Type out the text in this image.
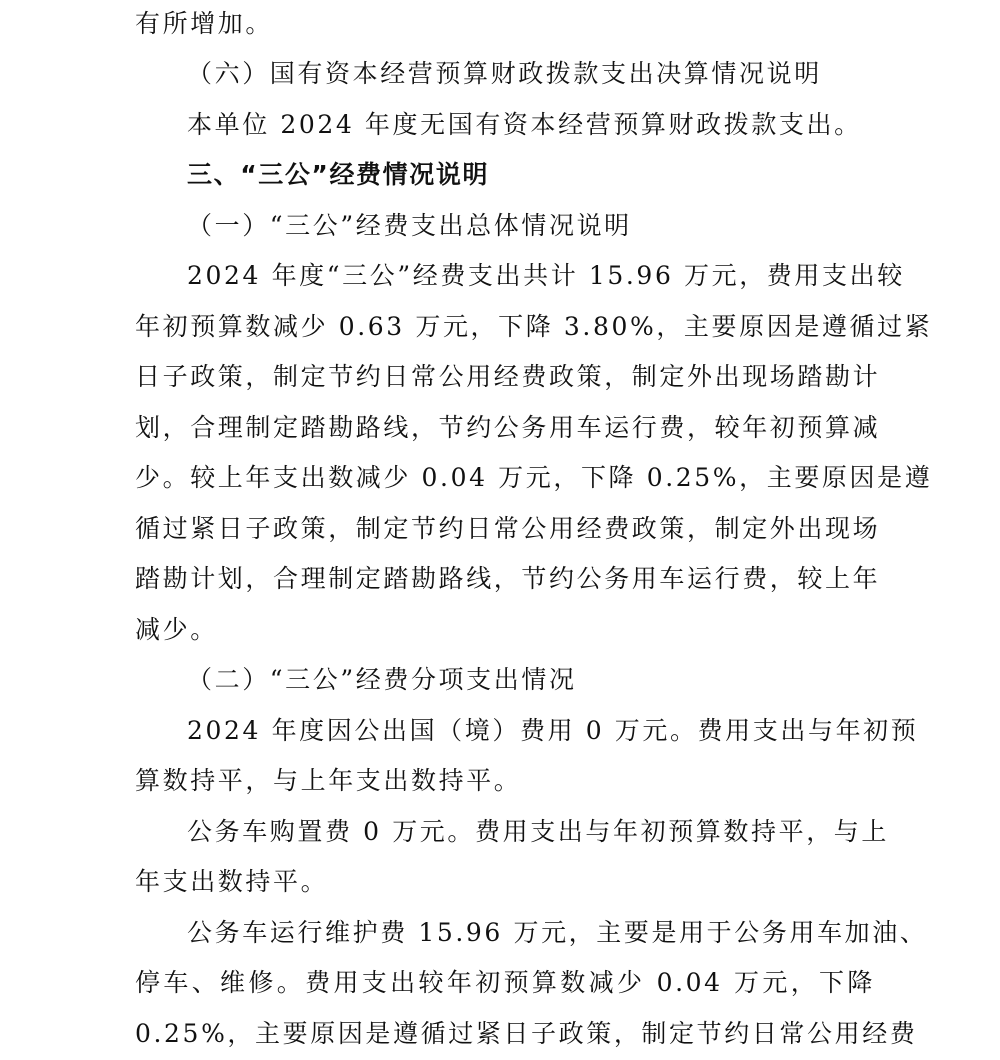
有所增加。
（六）国有资本经营预算财政拨款支出决算情况说明
本单位 2024 年度无国有资本经营预算财政拨款支出。
三、“三公”经费情况说明
（一）“三公”经费支出总体情况说明
2024 年度“三公”经费支出共计 15.96 万元，费用支出较
年初预算数减少 0.63 万元，下降 3.80%，主要原因是遵循过紧
日子政策，制定节约日常公用经费政策，制定外出现场踏勘计
划，合理制定踏勘路线，节约公务用车运行费，较年初预算减
少。较上年支出数减少 0.04 万元，下降 0.25%，主要原因是遵
循过紧日子政策，制定节约日常公用经费政策，制定外出现场
踏勘计划，合理制定踏勘路线，节约公务用车运行费，较上年
减少。
（二）“三公”经费分项支出情况
2024 年度因公出国（境）费用 0 万元。费用支出与年初预
算数持平，与上年支出数持平。
公务车购置费 0 万元。费用支出与年初预算数持平，与上
年支出数持平。
公务车运行维护费 15.96 万元，主要是用于公务用车加油、
停车、维修。费用支出较年初预算数减少 0.04 万元，下降
0.25%，主要原因是遵循过紧日子政策，制定节约日常公用经费
